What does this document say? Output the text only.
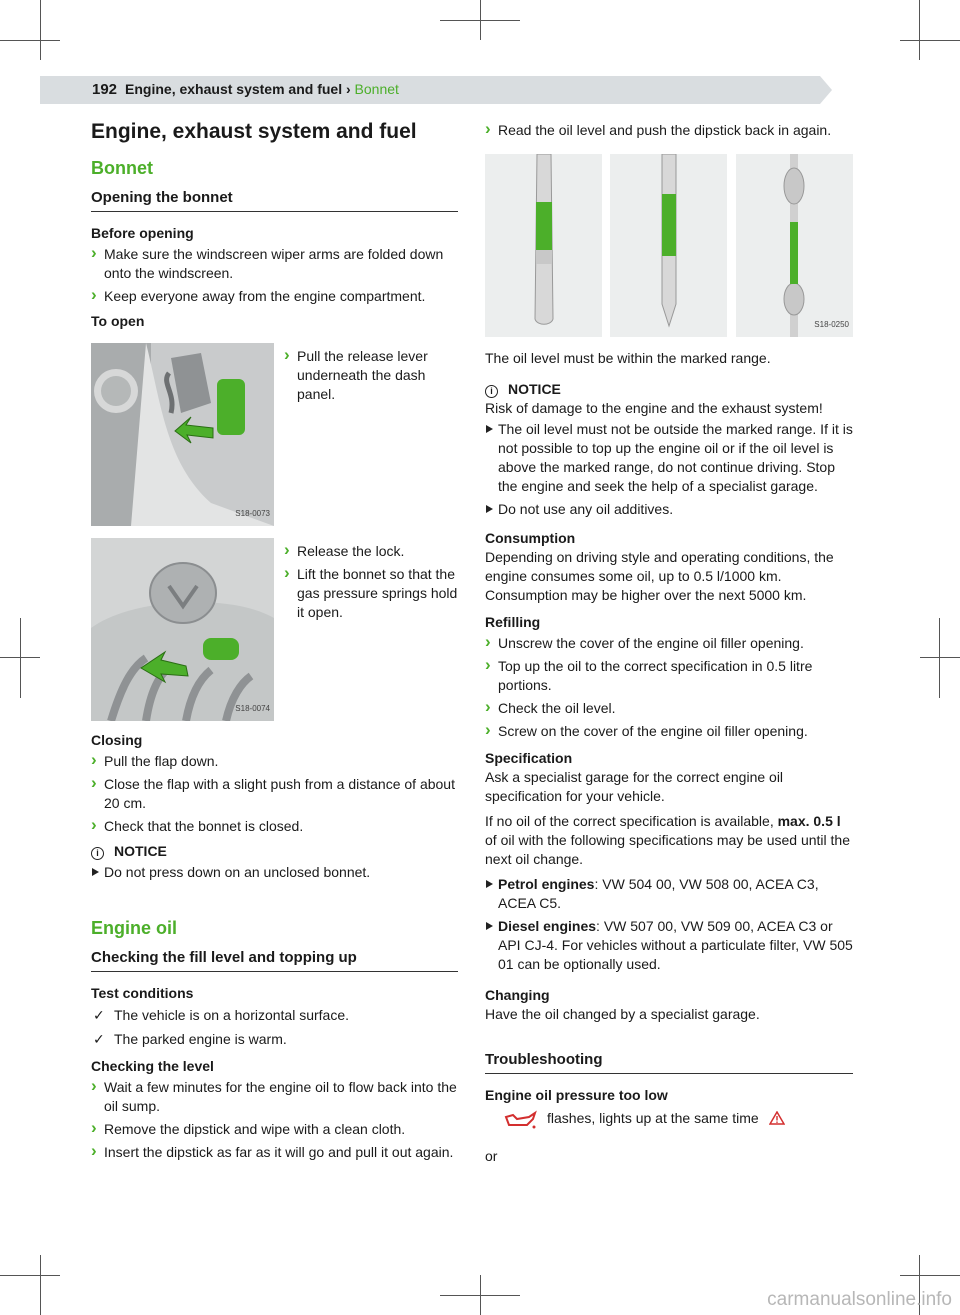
192 Engine, exhaust system and fuel › Bonnet
Engine, exhaust system and fuel
Bonnet
Opening the bonnet
Before opening
› Make sure the windscreen wiper arms are folded down onto the windscreen.
› Keep everyone away from the engine compartment.
To open
S18-0073
› Pull the release lever underneath the dash panel.
S18-0074
› Release the lock.
› Lift the bonnet so that the gas pressure springs hold it open.
Closing
› Pull the flap down.
› Close the flap with a slight push from a distance of about 20 cm.
› Check that the bonnet is closed.
i NOTICE
Do not press down on an unclosed bonnet.
Engine oil
Checking the fill level and topping up
Test conditions
✓ The vehicle is on a horizontal surface.
✓ The parked engine is warm.
Checking the level
› Wait a few minutes for the engine oil to flow back into the oil sump.
› Remove the dipstick and wipe with a clean cloth.
› Insert the dipstick as far as it will go and pull it out again.
› Read the oil level and push the dipstick back in again.
S18-0250
The oil level must be within the marked range.
i NOTICE
Risk of damage to the engine and the exhaust system!
The oil level must not be outside the marked range. If it is not possible to top up the engine oil or if the oil level is above the marked range, do not continue driving. Stop the engine and seek the help of a specialist garage.
Do not use any oil additives.
Consumption
Depending on driving style and operating conditions, the engine consumes some oil, up to 0.5 l/1000 km. Consumption may be higher over the next 5000 km.
Refilling
› Unscrew the cover of the engine oil filler opening.
› Top up the oil to the correct specification in 0.5 litre portions.
› Check the oil level.
› Screw on the cover of the engine oil filler opening.
Specification
Ask a specialist garage for the correct engine oil specification for your vehicle.
If no oil of the correct specification is available, max. 0.5 l of oil with the following specifications may be used until the next oil change.
Petrol engines: VW 504 00, VW 508 00, ACEA C3, ACEA C5.
Diesel engines: VW 507 00, VW 509 00, ACEA C3 or API CJ-4. For vehicles without a particulate filter, VW 505 01 can be optionally used.
Changing
Have the oil changed by a specialist garage.
Troubleshooting
Engine oil pressure too low
flashes, lights up at the same time
or
carmanualsonline.info
